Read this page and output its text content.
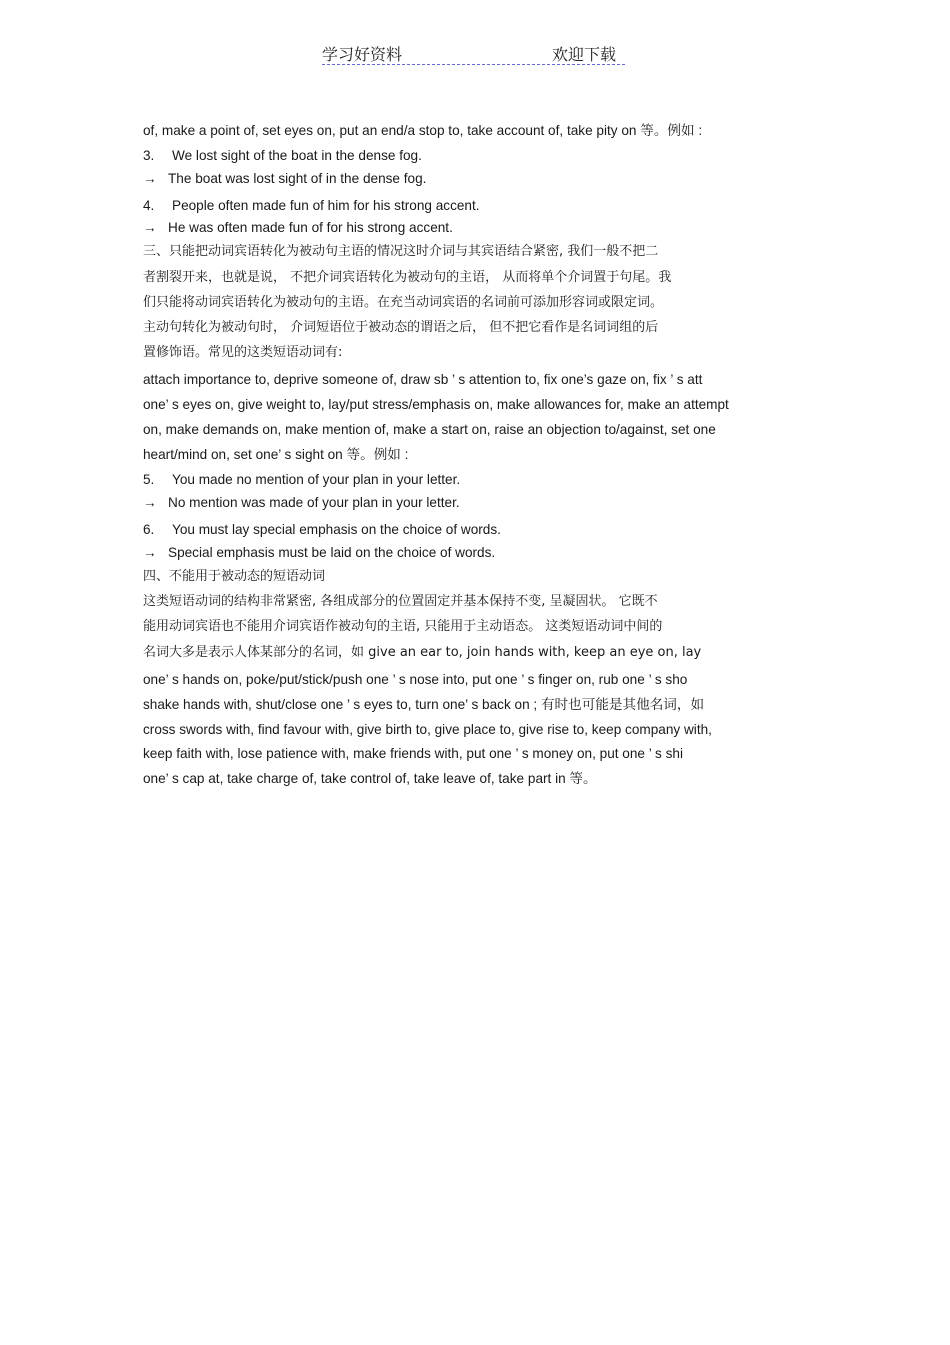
学习好资料	欢迎下载
of, make a point of, set eyes on, put an end/a stop to, take account of, take pity on 等。例如 :
3. We lost sight of the boat in the dense fog.
→ The boat was lost sight of in the dense fog.
4. People often made fun of him for his strong accent.
→ He was often made fun of for his strong accent.
三、只能把动词宾语转化为被动句主语的情况这时介词与其宾语结合紧密, 我们一般不把二
者割裂开来，也就是说， 不把介词宾语转化为被动句的主语， 从而将单个介词置于句尾。我
们只能将动词宾语转化为被动句的主语。在充当动词宾语的名词前可添加形容词或限定词。
主动句转化为被动句时， 介词短语位于被动态的谓语之后， 但不把它看作是名词词组的后
置修饰语。常见的这类短语动词有:
attach importance to, deprive someone of, draw sb ’ s attention to, fix one’s gaze on, fix ’ s att
one’ s eyes on, give weight to, lay/put stress/emphasis on, make allowances for, make an attempt
on, make demands on, make mention of, make a start on, raise an objection to/against, set one
heart/mind on, set one’ s sight on 等。例如 :
5. You made no mention of your plan in your letter.
→ No mention was made of your plan in your letter.
6. You must lay special emphasis on the choice of words.
→ Special emphasis must be laid on the choice of words.
四、不能用于被动态的短语动词
这类短语动词的结构非常紧密, 各组成部分的位置固定并基本保持不变, 呈凝固状。 它既不
能用动词宾语也不能用介词宾语作被动句的主语, 只能用于主动语态。 这类短语动词中间的
名词大多是表示人体某部分的名词，如 give an ear to, join hands with, keep an eye on, lay
one’ s hands on, poke/put/stick/push one ’ s nose into, put one ’ s finger on, rub one ’ s sho
shake hands with, shut/close one ’ s eyes to, turn one’ s back on ; 有时也可能是其他名词，如
cross swords with, find favour with, give birth to, give place to, give rise to, keep company with,
keep faith with, lose patience with, make friends with, put one ’ s money on, put one ’ s shi
one’ s cap at, take charge of, take control of, take leave of, take part in 等。
